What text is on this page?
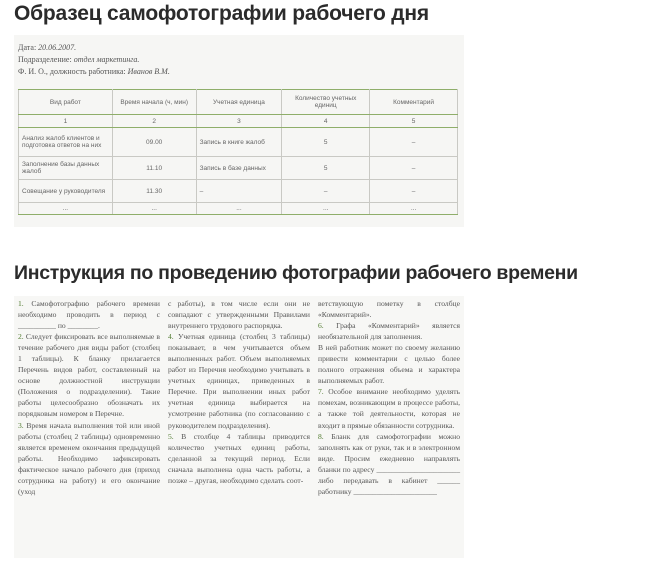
Образец самофотографии рабочего дня
Дата: 20.06.2007.
Подразделение: отдел маркетинга.
Ф. И. О., должность работника: Иванов В.М.
Вид работ	Время начала (ч, мин)	Учетная единица	Количество учетных единиц	Комментарий
1	2	3	4	5
Анализ жалоб клиентов и подготовка ответов на них	09.00	Запись в книге жалоб	5	–
Заполнение базы данных жалоб	11.10	Запись в базе данных	5	–
Совещание у руководителя	11.30	–	–	–
...	...	...	...	...
Инструкция по проведению фотографии рабочего времени

1. Самофотографию рабочего времени необходимо проводить в период с __________ по ________.

2. Следует фиксировать все выполняемые в течение рабочего дня виды работ (столбец 1 таблицы). К бланку прилагается Перечень видов работ, составленный на основе должностной инструкции (Положения о подразделении). Такие работы целесообразно обозначать их порядковым номером в Перечне.

3. Время начала выполнения той или иной работы (столбец 2 таблицы) одновременно является временем окончания предыдущей работы. Необходимо зафиксировать фактическое начало рабочего дня (приход сотрудника на работу) и его окончание (уход

с работы), в том числе если они не совпадают с утвержденными Правилами внутреннего трудового распорядка.

4. Учетная единица (столбец 3 таблицы) показывает, в чем учитывается объем выполненных работ. Объем выполняемых работ из Перечня необходимо учитывать в учетных единицах, приведенных в Перечне. При выполнении иных работ учетная единица выбирается на усмотрение работника (по согласованию с руководителем подразделения).

5. В столбце 4 таблицы приводится количество учетных единиц работы, сделанной за текущий период. Если сначала выполнена одна часть работы, а позже – другая, необходимо сделать соот-

ветствующую пометку в столбце «Комментарий».

6. Графа «Комментарий» является необязательной для заполнения.

В ней работник может по своему желанию привести комментарии с целью более полного отражения объема и характера выполняемых работ.

7. Особое внимание необходимо уделять помехам, возникающим в процессе работы, а также той деятельности, которая не входит в прямые обязанности сотрудника.

8. Бланк для самофотографии можно заполнять как от руки, так и в электронном виде. Просим ежедневно направлять бланки по адресу ______________________ либо передавать в кабинет ______ работнику ______________________
